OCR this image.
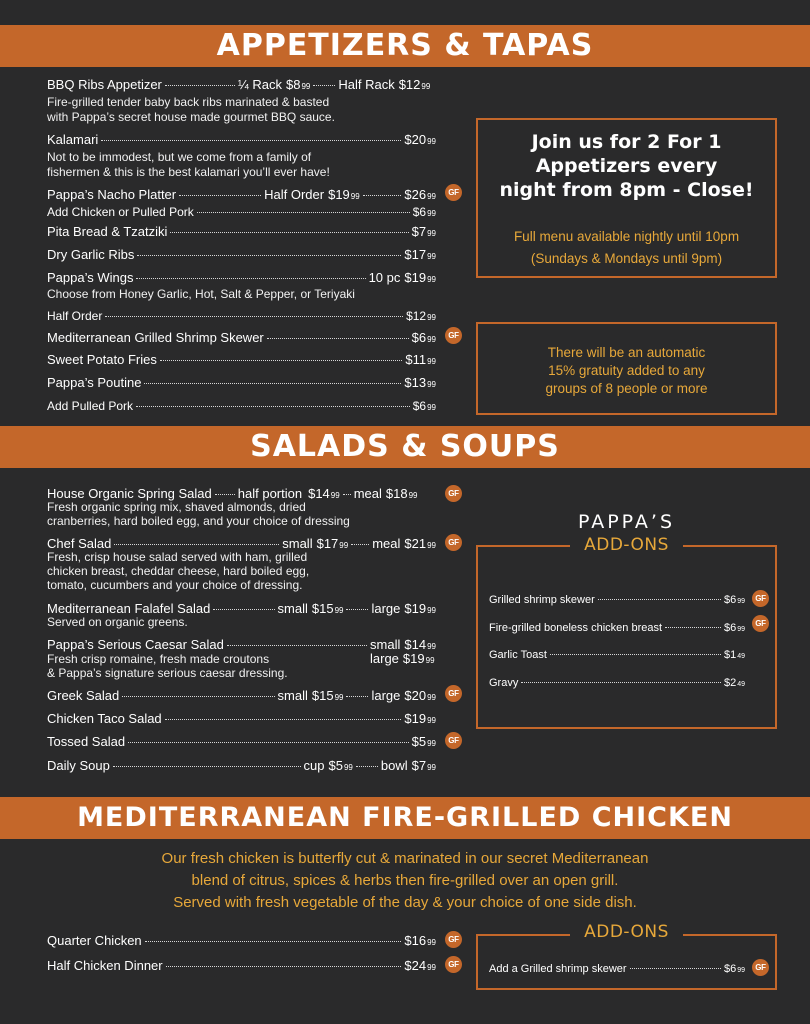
APPETIZERS & TAPAS
BBQ Ribs Appetizer	¼ Rack $8 99 Half Rack $12 99
Fire-grilled tender baby back ribs marinated & basted
with Pappa’s secret house made gourmet BBQ sauce.
Kalamari	$20 99
Not to be immodest, but we come from a family of
fishermen & this is the best kalamari you’ll ever have!
Pappa’s Nacho Platter	Half Order $19 99	$26 99
Add Chicken or Pulled Pork	$6 99
Pita Bread & Tzatziki	$7 99
Dry Garlic Ribs	$17 99
Pappa’s Wings	10 pc $19 99
Choose from Honey Garlic, Hot, Salt & Pepper, or Teriyaki
Half Order	$12 99
Mediterranean Grilled Shrimp Skewer	$6 99
Sweet Potato Fries	$11 99
Pappa’s Poutine	$13 99
Add Pulled Pork	$6 99
GF
GF
Join us for 2 For 1
Appetizers every
night from 8pm - Close!
Full menu available nightly until 10pm
(Sundays & Mondays until 9pm)
There will be an automatic
15% gratuity added to any
groups of 8 people or more
SALADS & SOUPS
House Organic Spring Salad half portion $14 99 meal $18 99
Fresh organic spring mix, shaved almonds, dried
cranberries, hard boiled egg, and your choice of dressing
Chef Salad	small $17 99 meal $21 99
Fresh, crisp house salad served with ham, grilled
chicken breast, cheddar cheese, hard boiled egg,
tomato, cucumbers and your choice of dressing.
Mediterranean Falafel Salad	small $15 99 large $19 99
Served on organic greens.
Pappa’s Serious Caesar Salad	small $14 99
Fresh crisp romaine, fresh made croutons	large $19 99
& Pappa’s signature serious caesar dressing.
Greek Salad	small $15 99 large $20 99
Chicken Taco Salad	$19 99
Tossed Salad	$5 99
Daily Soup	cup $5 99 bowl $7 99
GF
GF
GF
GF
PAPPA’S
ADD-ONS
Grilled shrimp skewer	$6 99	GF
Fire-grilled boneless chicken breast	$6 99
GF
Garlic Toast	$1 49
Gravy	$2 49
MEDITERRANEAN FIRE-GRILLED CHICKEN
Our fresh chicken is butterfly cut & marinated in our secret Mediterranean
blend of citrus, spices & herbs then fire-grilled over an open grill.
Served with fresh vegetable of the day & your choice of one side dish.
Quarter Chicken	$16 99	GF
Half Chicken Dinner	$24 99	GF
ADD-ONS
Add a Grilled shrimp skewer	$6 99	GF
